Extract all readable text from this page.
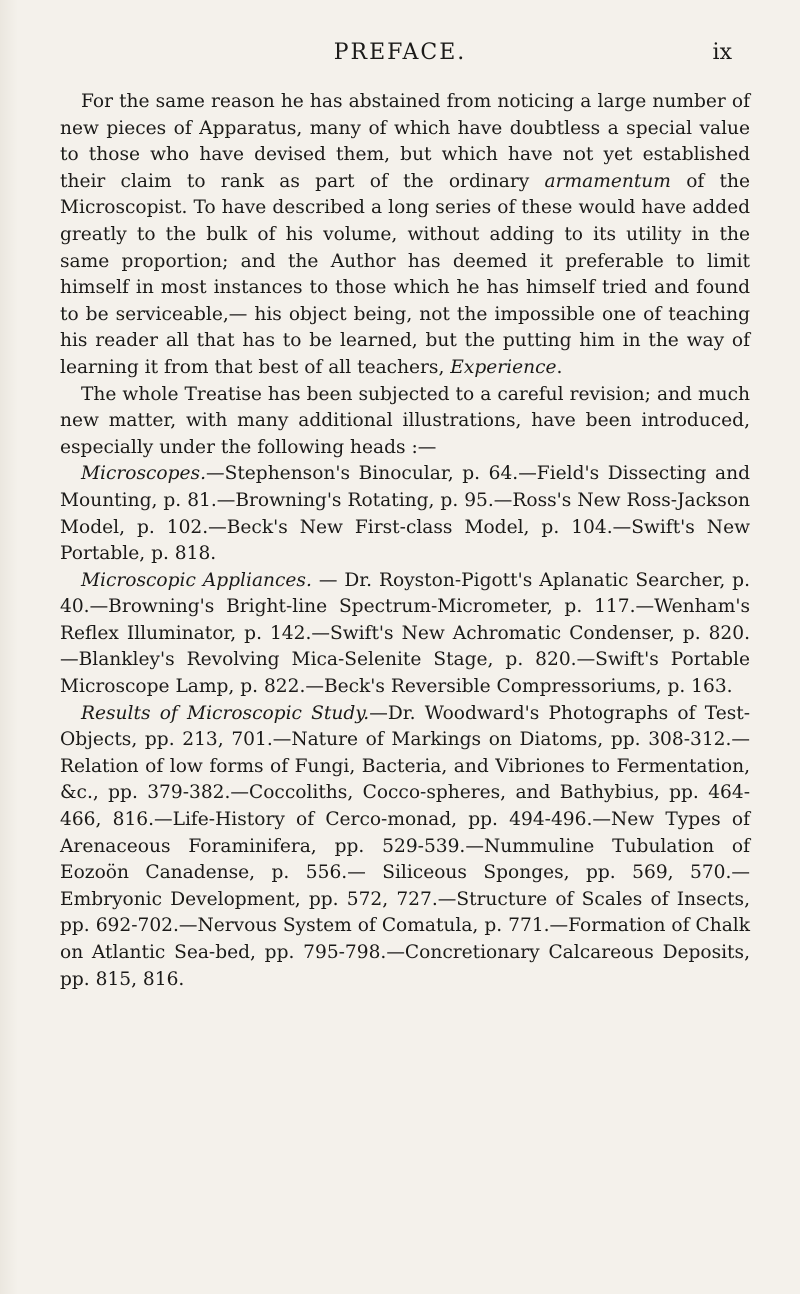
PREFACE.	ix

For the same reason he has abstained from noticing a large number of new pieces of Apparatus, many of which have doubtless a special value to those who have devised them, but which have not yet established their claim to rank as part of the ordinary armamentum of the Microscopist. To have described a long series of these would have added greatly to the bulk of his volume, without adding to its utility in the same proportion; and the Author has deemed it preferable to limit himself in most instances to those which he has himself tried and found to be serviceable,— his object being, not the impossible one of teaching his reader all that has to be learned, but the putting him in the way of learning it from that best of all teachers, Experience.

The whole Treatise has been subjected to a careful revision; and much new matter, with many additional illustrations, have been introduced, especially under the following heads :—

Microscopes.—Stephenson's Binocular, p. 64.—Field's Dissecting and Mounting, p. 81.—Browning's Rotating, p. 95.—Ross's New Ross-Jackson Model, p. 102.—Beck's New First-class Model, p. 104.—Swift's New Portable, p. 818.

Microscopic Appliances. — Dr. Royston-Pigott's Aplanatic Searcher, p. 40.—Browning's Bright-line Spectrum-Micrometer, p. 117.—Wenham's Reflex Illuminator, p. 142.—Swift's New Achromatic Condenser, p. 820.—Blankley's Revolving Mica-Selenite Stage, p. 820.—Swift's Portable Microscope Lamp, p. 822.—Beck's Reversible Compressoriums, p. 163.

Results of Microscopic Study.—Dr. Woodward's Photographs of Test-Objects, pp. 213, 701.—Nature of Markings on Diatoms, pp. 308-312.—Relation of low forms of Fungi, Bacteria, and Vibriones to Fermentation, &c., pp. 379-382.—Coccoliths, Cocco-spheres, and Bathybius, pp. 464-466, 816.—Life-History of Cerco-monad, pp. 494-496.—New Types of Arenaceous Foraminifera, pp. 529-539.—Nummuline Tubulation of Eozoön Canadense, p. 556.— Siliceous Sponges, pp. 569, 570.—Embryonic Development, pp. 572, 727.—Structure of Scales of Insects, pp. 692-702.—Nervous System of Comatula, p. 771.—Formation of Chalk on Atlantic Sea-bed, pp. 795-798.—Concretionary Calcareous Deposits, pp. 815, 816.
